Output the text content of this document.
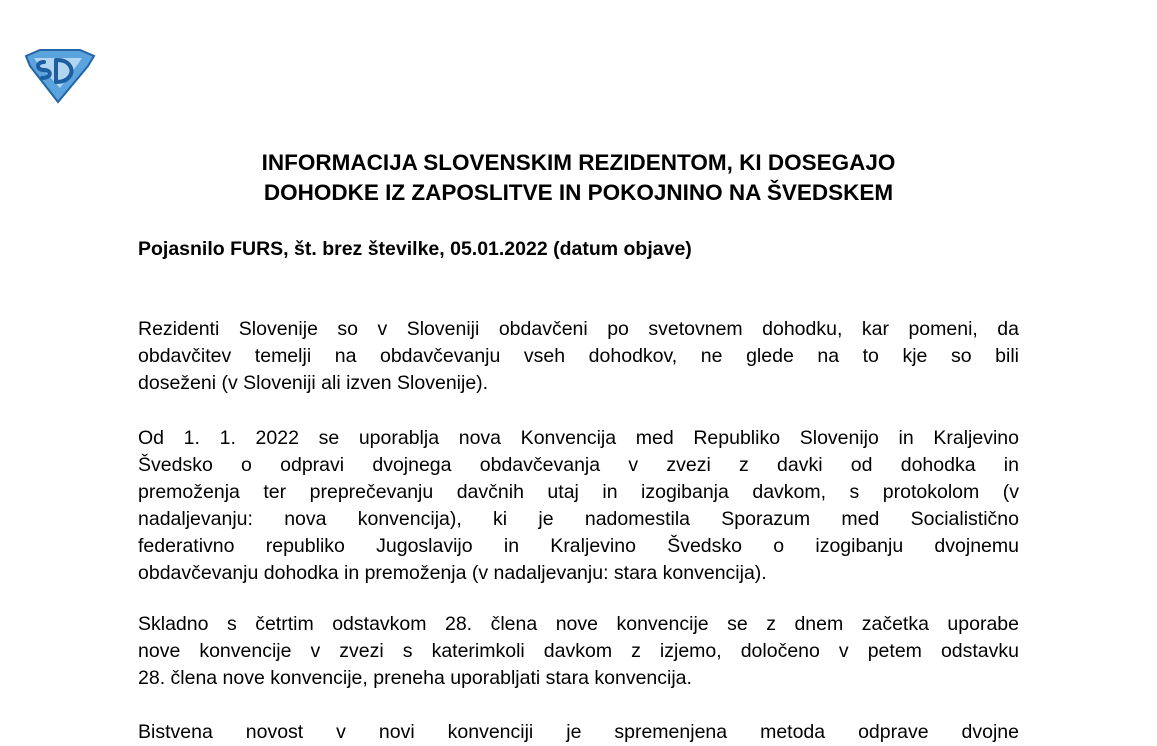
INFORMACIJA SLOVENSKIM REZIDENTOM, KI DOSEGAJO
DOHODKE IZ ZAPOSLITVE IN POKOJNINO NA ŠVEDSKEM

Pojasnilo FURS, št. brez številke, 05.01.2022 (datum objave)

Rezidenti Slovenije so v Sloveniji obdavčeni po svetovnem dohodku, kar pomeni, da
obdavčitev temelji na obdavčevanju vseh dohodkov, ne glede na to kje so bili
doseženi (v Sloveniji ali izven Slovenije).
Od 1. 1. 2022 se uporablja nova Konvencija med Republiko Slovenijo in Kraljevino
Švedsko o odpravi dvojnega obdavčevanja v zvezi z davki od dohodka in
premoženja ter preprečevanju davčnih utaj in izogibanja davkom, s protokolom (v
nadaljevanju: nova konvencija), ki je nadomestila Sporazum med Socialistično
federativno republiko Jugoslavijo in Kraljevino Švedsko o izogibanju dvojnemu
obdavčevanju dohodka in premoženja (v nadaljevanju: stara konvencija).
Skladno s četrtim odstavkom 28. člena nove konvencije se z dnem začetka uporabe
nove konvencije v zvezi s katerimkoli davkom z izjemo, določeno v petem odstavku
28. člena nove konvencije, preneha uporabljati stara konvencija.
Bistvena novost v novi konvenciji je spremenjena metoda odprave dvojne
